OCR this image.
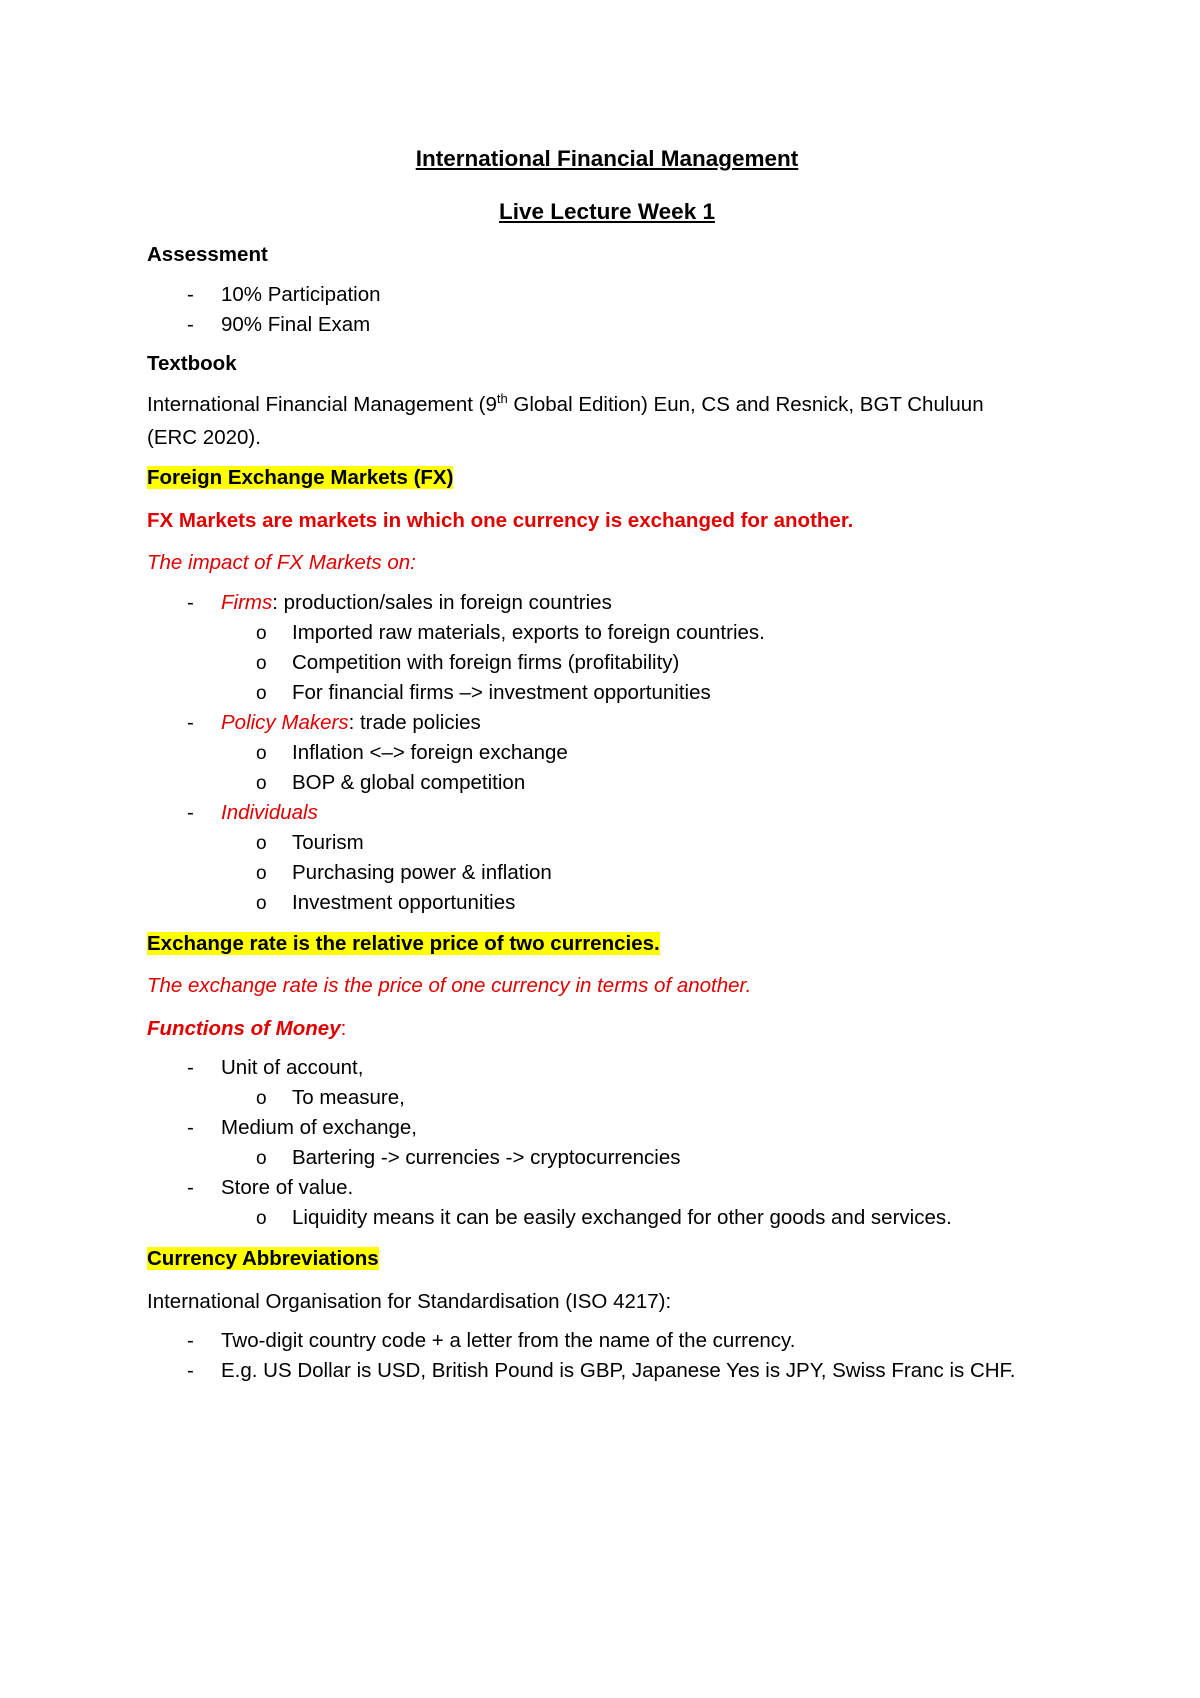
International Financial Management

Live Lecture Week 1

Assessment

-	10% Participation
-	90% Final Exam

Textbook

International Financial Management (9th Global Edition) Eun, CS and Resnick, BGT Chuluun
(ERC 2020).

Foreign Exchange Markets (FX)

FX Markets are markets in which one currency is exchanged for another.

The impact of FX Markets on:

-	Firms: production/sales in foreign countries
o	Imported raw materials, exports to foreign countries.
o	Competition with foreign firms (profitability)
o	For financial firms –> investment opportunities
-	Policy Makers: trade policies
o	Inflation <–> foreign exchange
o	BOP & global competition
-	Individuals
o	Tourism
o	Purchasing power & inflation
o	Investment opportunities

Exchange rate is the relative price of two currencies.

The exchange rate is the price of one currency in terms of another.

Functions of Money:

-	Unit of account,
o	To measure,
-	Medium of exchange,
o	Bartering -> currencies -> cryptocurrencies
-	Store of value.
o	Liquidity means it can be easily exchanged for other goods and services.

Currency Abbreviations

International Organisation for Standardisation (ISO 4217):

-	Two-digit country code + a letter from the name of the currency.
-	E.g. US Dollar is USD, British Pound is GBP, Japanese Yes is JPY, Swiss Franc is CHF.
